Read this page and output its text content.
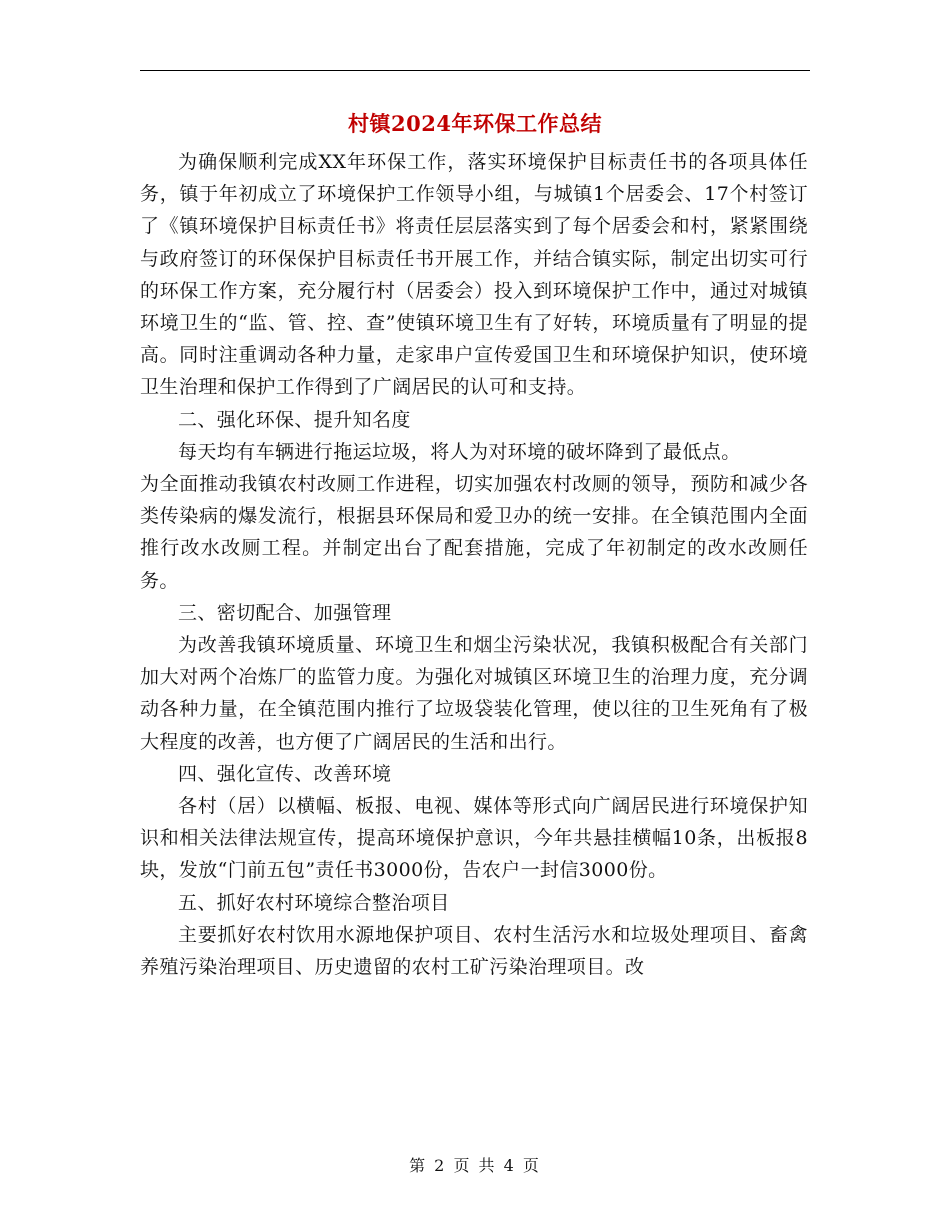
村镇2024年环保工作总结

为确保顺利完成XX年环保工作，落实环境保护目标责任书的各项具体任务，镇于年初成立了环境保护工作领导小组，与城镇1个居委会、17个村签订了《镇环境保护目标责任书》将责任层层落实到了每个居委会和村，紧紧围绕与政府签订的环保保护目标责任书开展工作，并结合镇实际，制定出切实可行的环保工作方案，充分履行村（居委会）投入到环境保护工作中，通过对城镇环境卫生的“监、管、控、查”使镇环境卫生有了好转，环境质量有了明显的提高。同时注重调动各种力量，走家串户宣传爱国卫生和环境保护知识，使环境卫生治理和保护工作得到了广阔居民的认可和支持。

二、强化环保、提升知名度

每天均有车辆进行拖运垃圾，将人为对环境的破坏降到了最低点。

为全面推动我镇农村改厕工作进程，切实加强农村改厕的领导，预防和减少各类传染病的爆发流行，根据县环保局和爱卫办的统一安排。在全镇范围内全面推行改水改厕工程。并制定出台了配套措施，完成了年初制定的改水改厕任务。

三、密切配合、加强管理

为改善我镇环境质量、环境卫生和烟尘污染状况，我镇积极配合有关部门加大对两个冶炼厂的监管力度。为强化对城镇区环境卫生的治理力度，充分调动各种力量，在全镇范围内推行了垃圾袋装化管理，使以往的卫生死角有了极大程度的改善，也方便了广阔居民的生活和出行。

四、强化宣传、改善环境

各村（居）以横幅、板报、电视、媒体等形式向广阔居民进行环境保护知识和相关法律法规宣传，提高环境保护意识，今年共悬挂横幅10条，出板报8块，发放“门前五包”责任书3000份，告农户一封信3000份。

五、抓好农村环境综合整治项目

主要抓好农村饮用水源地保护项目、农村生活污水和垃圾处理项目、畜禽养殖污染治理项目、历史遗留的农村工矿污染治理项目。改

第 2 页 共 4 页
